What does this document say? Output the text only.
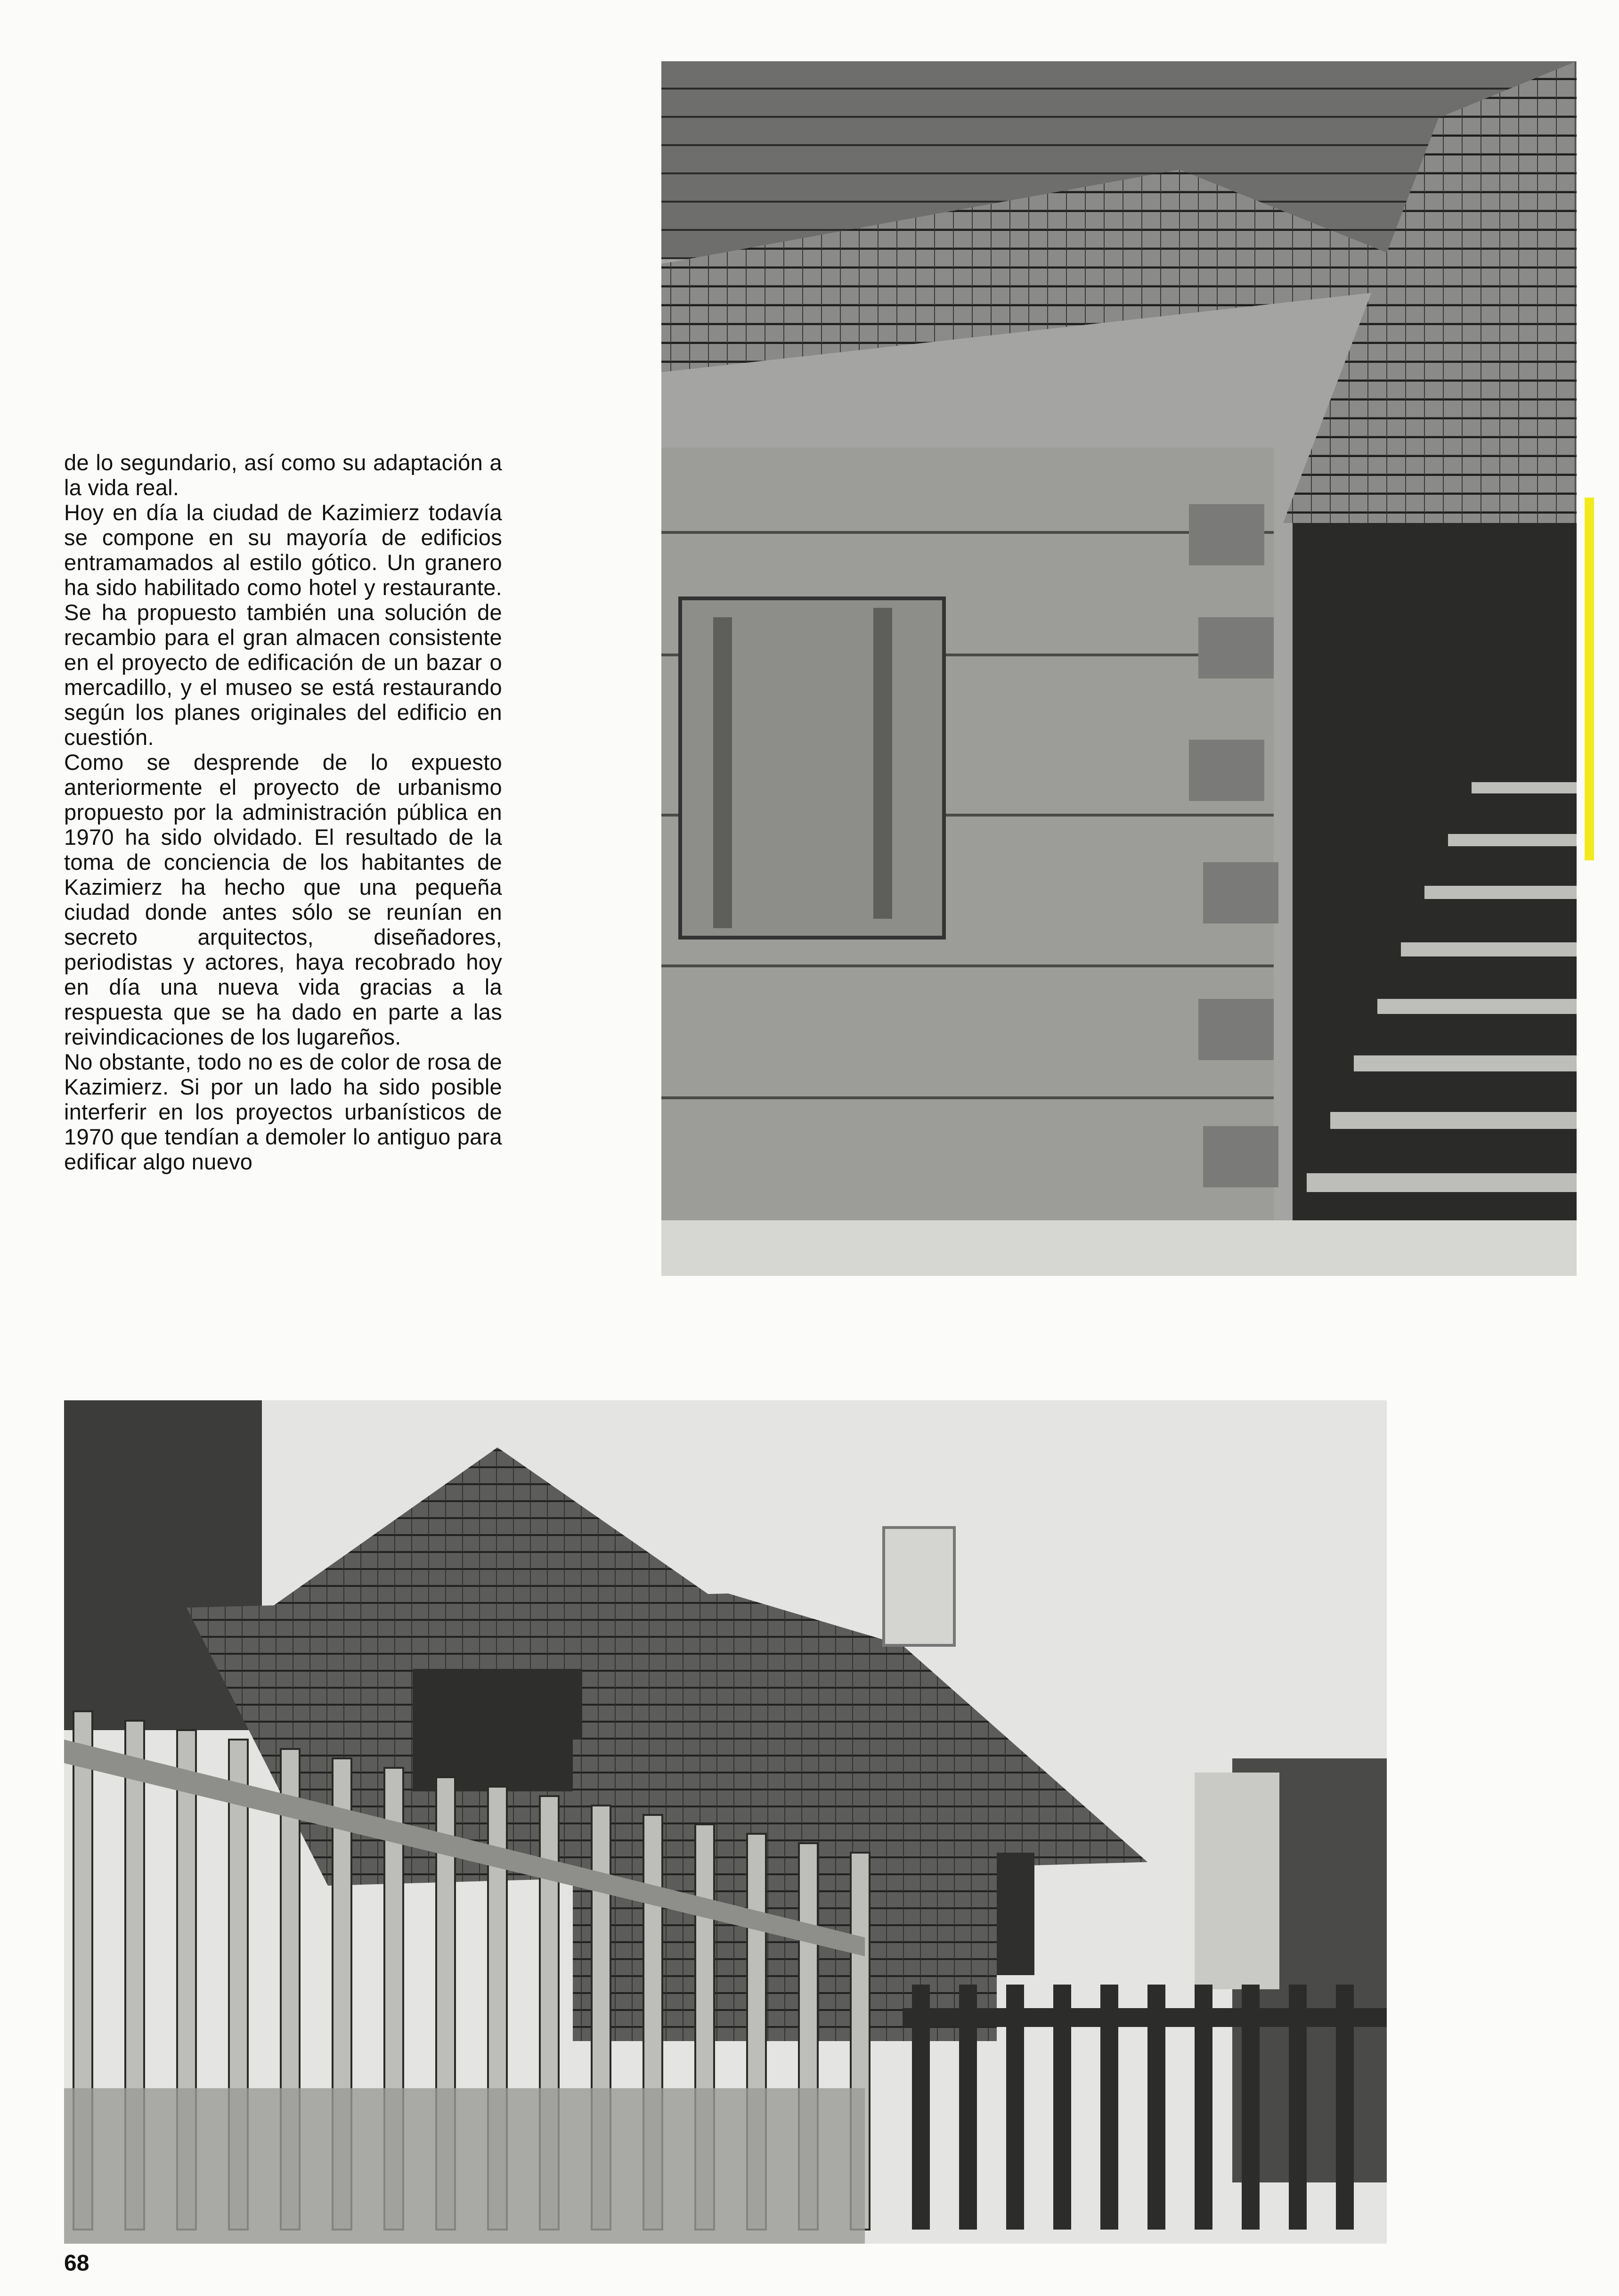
de lo segundario, así como su adaptación a la vida real.

Hoy en día la ciudad de Kazimierz todavía se compone en su mayoría de edificios entramamados al estilo gótico. Un granero ha sido habilitado como hotel y restaurante. Se ha propuesto también una solución de recambio para el gran almacen consistente en el proyecto de edificación de un bazar o mercadillo, y el museo se está restaurando según los planes originales del edificio en cuestión.

Como se desprende de lo expuesto anteriormente el proyecto de urbanismo propuesto por la administración pública en 1970 ha sido olvidado. El resultado de la toma de conciencia de los habitantes de Kazimierz ha hecho que una pequeña ciudad donde antes sólo se reunían en secreto arquitectos, diseñadores, periodistas y actores, haya recobrado hoy en día una nueva vida gracias a la respuesta que se ha dado en parte a las reivindicaciones de los lugareños.

No obstante, todo no es de color de rosa de Kazimierz. Si por un lado ha sido posible interferir en los proyectos urbanísticos de 1970 que tendían a demoler lo antiguo para edificar algo nuevo

68
